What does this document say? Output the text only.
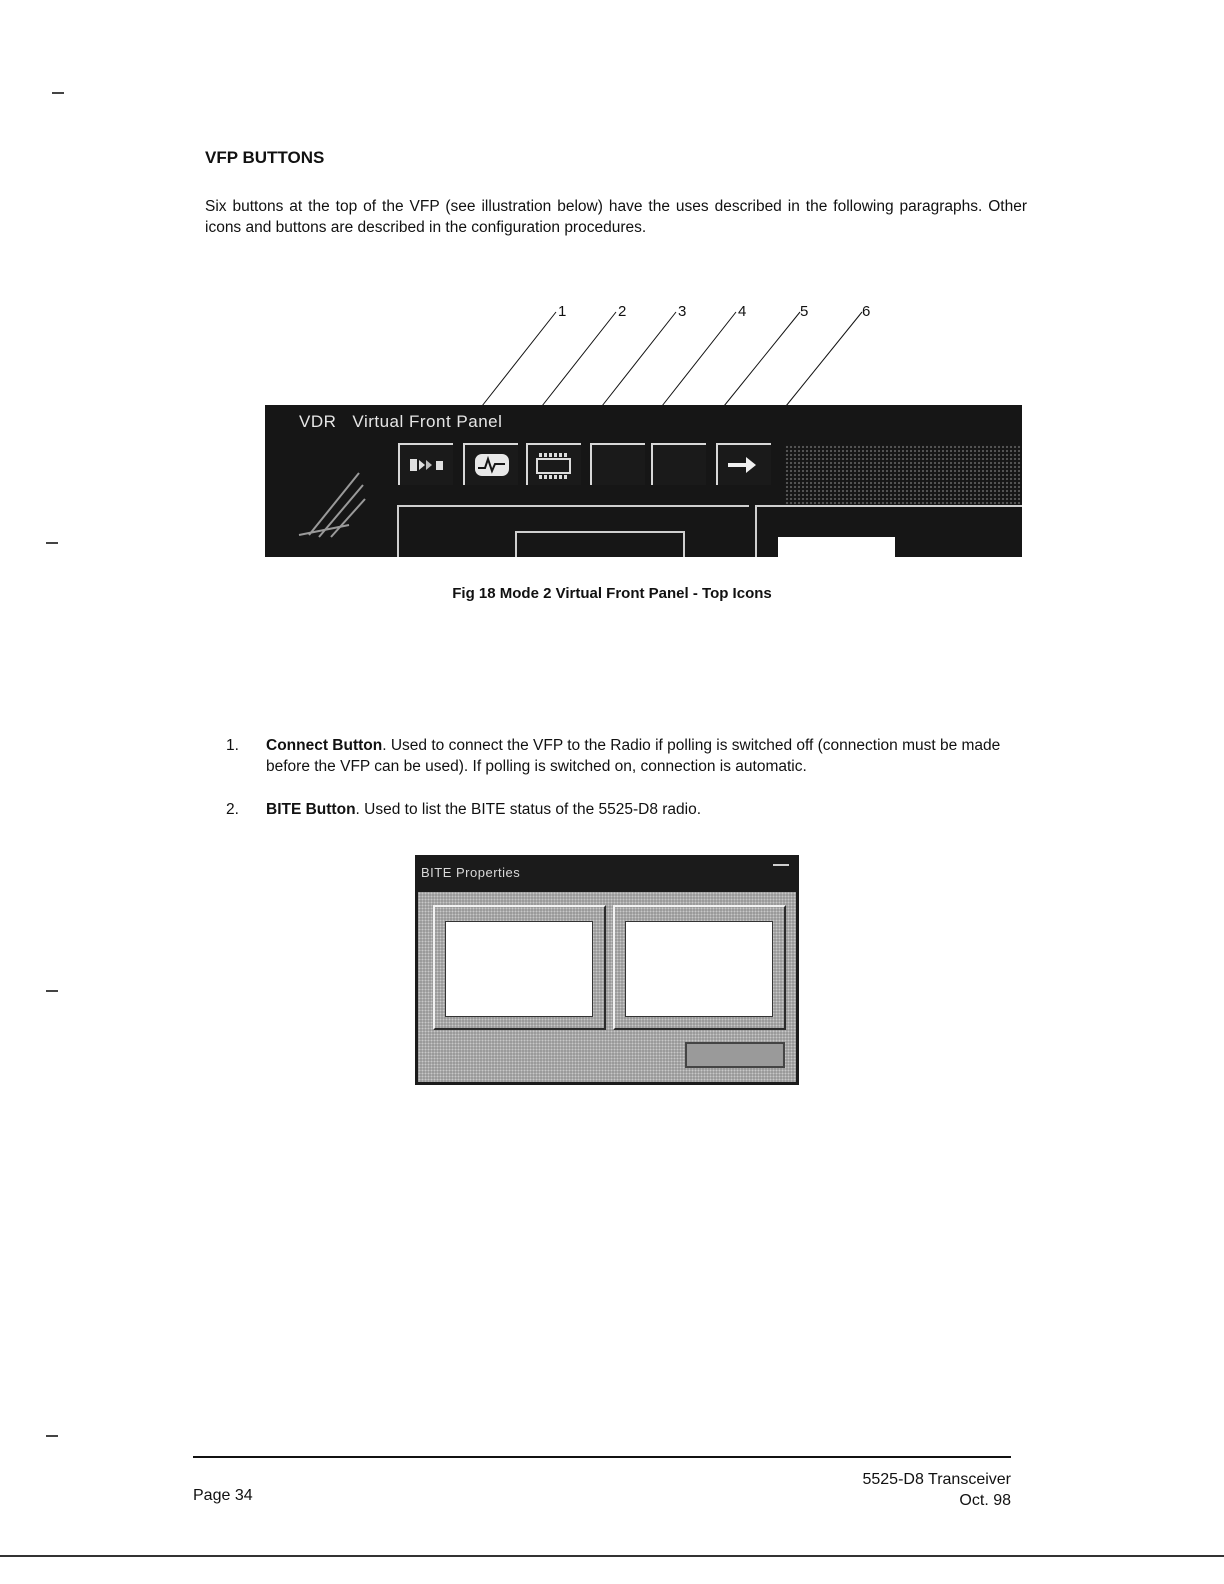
VFP BUTTONS
Six buttons at the top of the VFP (see illustration below) have the uses described in the following paragraphs. Other icons and buttons are described in the configuration procedures.
1	2	3	4	5	6
VDR Virtual Front Panel
Fig 18 Mode 2 Virtual Front Panel - Top Icons
1. Connect Button. Used to connect the VFP to the Radio if polling is switched off (connection must be made before the VFP can be used). If polling is switched on, connection is automatic.
2. BITE Button. Used to list the BITE status of the 5525-D8 radio.
BITE Properties
Page 34
5525-D8 Transceiver
Oct. 98
